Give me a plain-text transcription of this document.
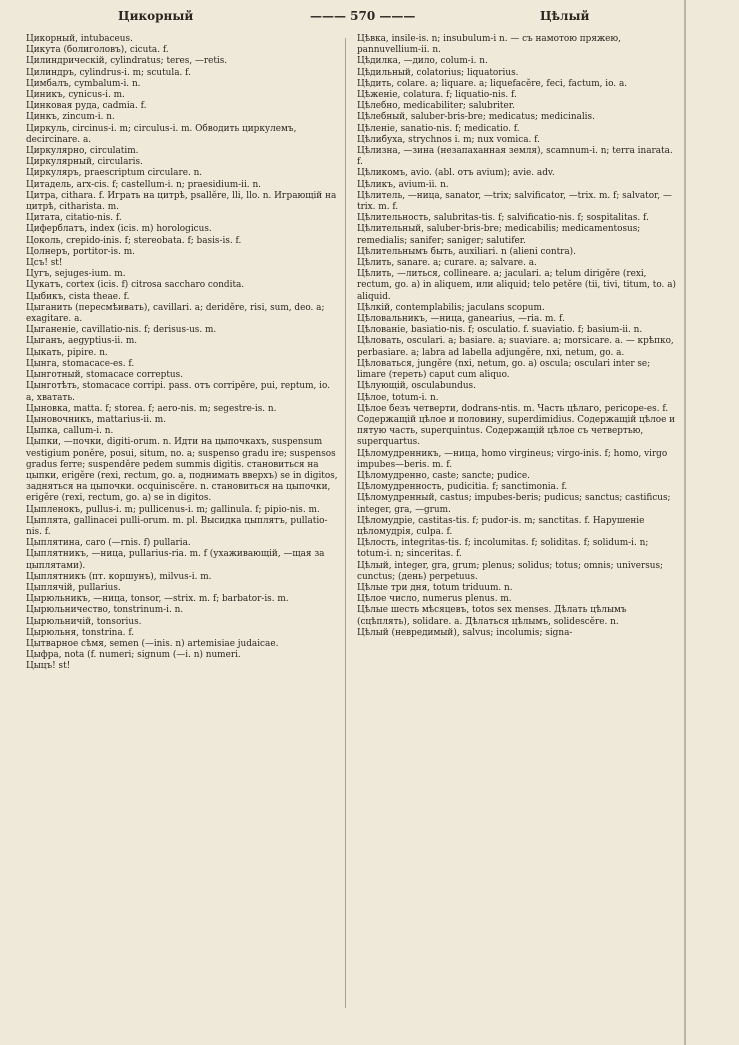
Цикорный	——— 570 ———	Цѣлый

Цикорный, intubaceus.

Цикута (болиголовъ), cicuta. f.

Цилиндрическій, cylindratus; teres, —retis.

Цилиндръ, cylindrus-i. m; scutula. f.

Цимбалъ, cymbalum-i. n.

Циникъ, cynicus-i. m.

Цинковая руда, cadmia. f.

Цинкъ, zincum-i. n.

Циркуль, circinus-i. m; circulus-i. m. Обводить циркулемъ, decircinare. a.

Циркулярно, circulatim.

Циркулярный, circularis.

Циркуляръ, praescriptum circulare. n.

Цитадель, arx-cis. f; castellum-i. n; praesidium-ii. n.

Цитра, cithara. f. Играть на цитрѣ, psallĕre, lli, llo. n. Играющій на цитрѣ, citharista. m.

Цитата, citatio-nis. f.

Циферблатъ, index (icis. m) horologicus.

Цоколь, crepido-inis. f; stereobata. f; basis-is. f.

Цолнеръ, portitor-is. m.

Цсъ! st!

Цугъ, sejuges-ium. m.

Цукатъ, cortex (icis. f) citrosa sacchаro condita.

Цыбикъ, cista theae. f.

Цыганить (пересмѣивать), cavillari. a; deridĕre, risi, sum, deo. a; exagitare. a.

Цыганеніе, cavillatio-nis. f; derisus-us. m.

Цыганъ, aegyptius-ii. m.

Цыкать, pipire. n.

Цынга, stomacace-es. f.

Цынготный, stomacace correptus.

Цынготѣть, stomacace corripi. pass. отъ corripĕre, pui, reptum, io. a, хватать.

Цыновка, matta. f; storea. f; aero-nis. m; segestre-is. n.

Цыновочникъ, mattarius-ii. m.

Цыпка, callum-i. n.

Цыпки, —почки, digiti-orum. n. Идти на цыпочкахъ, suspensum vestigium ponĕre, posui, situm, no. a; suspenso gradu ire; suspensos gradus ferre; suspendĕre pedem summis digitis. становиться на цыпки, erigĕre (rexi, rectum, go. a, поднимать вверхъ) se in digitos, задняться на цыпочки. ocquiniscĕre. n. становиться на цыпочки, erigĕre (rexi, rectum, go. a) se in digitos.

Цыпленокъ, pullus-i. m; pullicenus-i. m; gallinula. f; pipio-nis. m.

Цыплята, gallinacei pulli-orum. m. pl. Высидка цыплятъ, pullatio-nis. f.

Цыплятина, caro (—rnis. f) pullaria.

Цыплятникъ, —ница, pullarius-ria. m. f (ухаживающій, —щая за цыплятами).

Цыплятникъ (пт. коршунъ), milvus-i. m.

Цыплячій, pullarius.

Цырюльникъ, —ница, tonsor, —strix. m. f; barbator-is. m.

Цырюльничество, tonstrinum-i. n.

Цырюльничій, tonsorius.

Цырюльня, tonstrina. f.

Цытварное сѣмя, semen (—inis. n) artemisiae judaicae.

Цыфра, nota (f. numeri; signum (—i. n) numeri.

Цыцъ! st!

Цѣвка, insile-is. n; insubulum-i n. — съ намотою пряжею, pannuvellium-ii. n.

Цѣдилка, —дило, colum-i. n.

Цѣдильный, colatorius; liquatorius.

Цѣдить, colare. a; liquare. a; liquefacĕre, feci, factum, io. a.

Цѣженіе, colatura. f; liquatio-nis. f.

Цѣлебно, medicabiliter; salubriter.

Цѣлебный, saluber-bris-bre; medicatus; medicinalis.

Цѣленіе, sanatio-nis. f; medicatio. f.

Цѣлибуха, strychnos i. m; nux vomica. f.

Цѣлизна, —зина (незапаханная земля), scamnum-i. n; terra inarata. f.

Цѣликомъ, avio. (abl. отъ avium); avie. adv.

Цѣликъ, avium-ii. n.

Цѣлитель, —ница, sanator, —trix; salvificator, —trix. m. f; salvator, —trix. m. f.

Цѣлительность, salubritas-tis. f; salvificatio-nis. f; sospitalitas. f.

Цѣлительный, saluber-bris-bre; medicabilis; medicamentosus; remedialis; sanifer; saniger; salutifer.

Цѣлительнымъ быть, auxiliari. n (alieni contra).

Цѣлить, sanare. a; curare. a; salvare. a.

Цѣлить, —литься, collineare. a; jaculari. a; telum dirigĕre (rexi, rectum, go. a) in aliquem, или aliquid; telo petĕre (tii, tivi, titum, to. a) aliquid.

Цѣлкій, contemplabilis; jaculans scopum.

Цѣловальникъ, —ница, ganearius, —ria. m. f.

Цѣлованіе, basiatio-nis. f; osculatio. f. suaviatio. f; basium-ii. n.

Цѣловать, osculari. a; basiare. a; suaviare. a; morsicare. a. — крѣпко, perbasiare. a; labra ad labella adjungĕre, nxi, netum, go. a.

Цѣловаться, jungĕre (nxi, netum, go. a) oscula; osculari inter se; limare (тереть) caput cum aliquo.

Цѣлующій, osculabundus.

Цѣлое, totum-i. n.

Цѣлое безъ четверти, dodrans-ntis. m. Часть цѣлаго, pericope-es. f. Содержащій цѣлое и половину, superdimidius. Содержащій цѣлое и пятую часть, superquintus. Содержащій цѣлое съ четвертью, superquartus.

Цѣломудренникъ, —ница, homo virgineus; virgo-inis. f; homo, virgo impubes—beris. m. f.

Цѣломудренно, caste; sancte; pudice.

Цѣломудренность, pudicitia. f; sanctimonia. f.

Цѣломудренный, castus; impubes-beris; pudicus; sanctus; castificus; integer, gra, —grum.

Цѣломудріе, castitas-tis. f; pudor-is. m; sanctitas. f. Нарушеніе цѣломудрія, culpa. f.

Цѣлость, integritas-tis. f; incolumitas. f; soliditas. f; solidum-i. n; totum-i. n; sinceritas. f.

Цѣлый, integer, gra, grum; plenus; solidus; totus; omnis; universus; cunctus; (день) perpetuus.

Цѣлые три дня, totum triduum. n.

Цѣлое число, numerus plenus. m.

Цѣлые шесть мѣсяцевъ, totos sex menses. Дѣлать цѣлымъ (сцѣплять), solidare. a. Дѣлаться цѣлымъ, solidescĕre. n.

Цѣлый (невредимый), salvus; incolumis; signa-
